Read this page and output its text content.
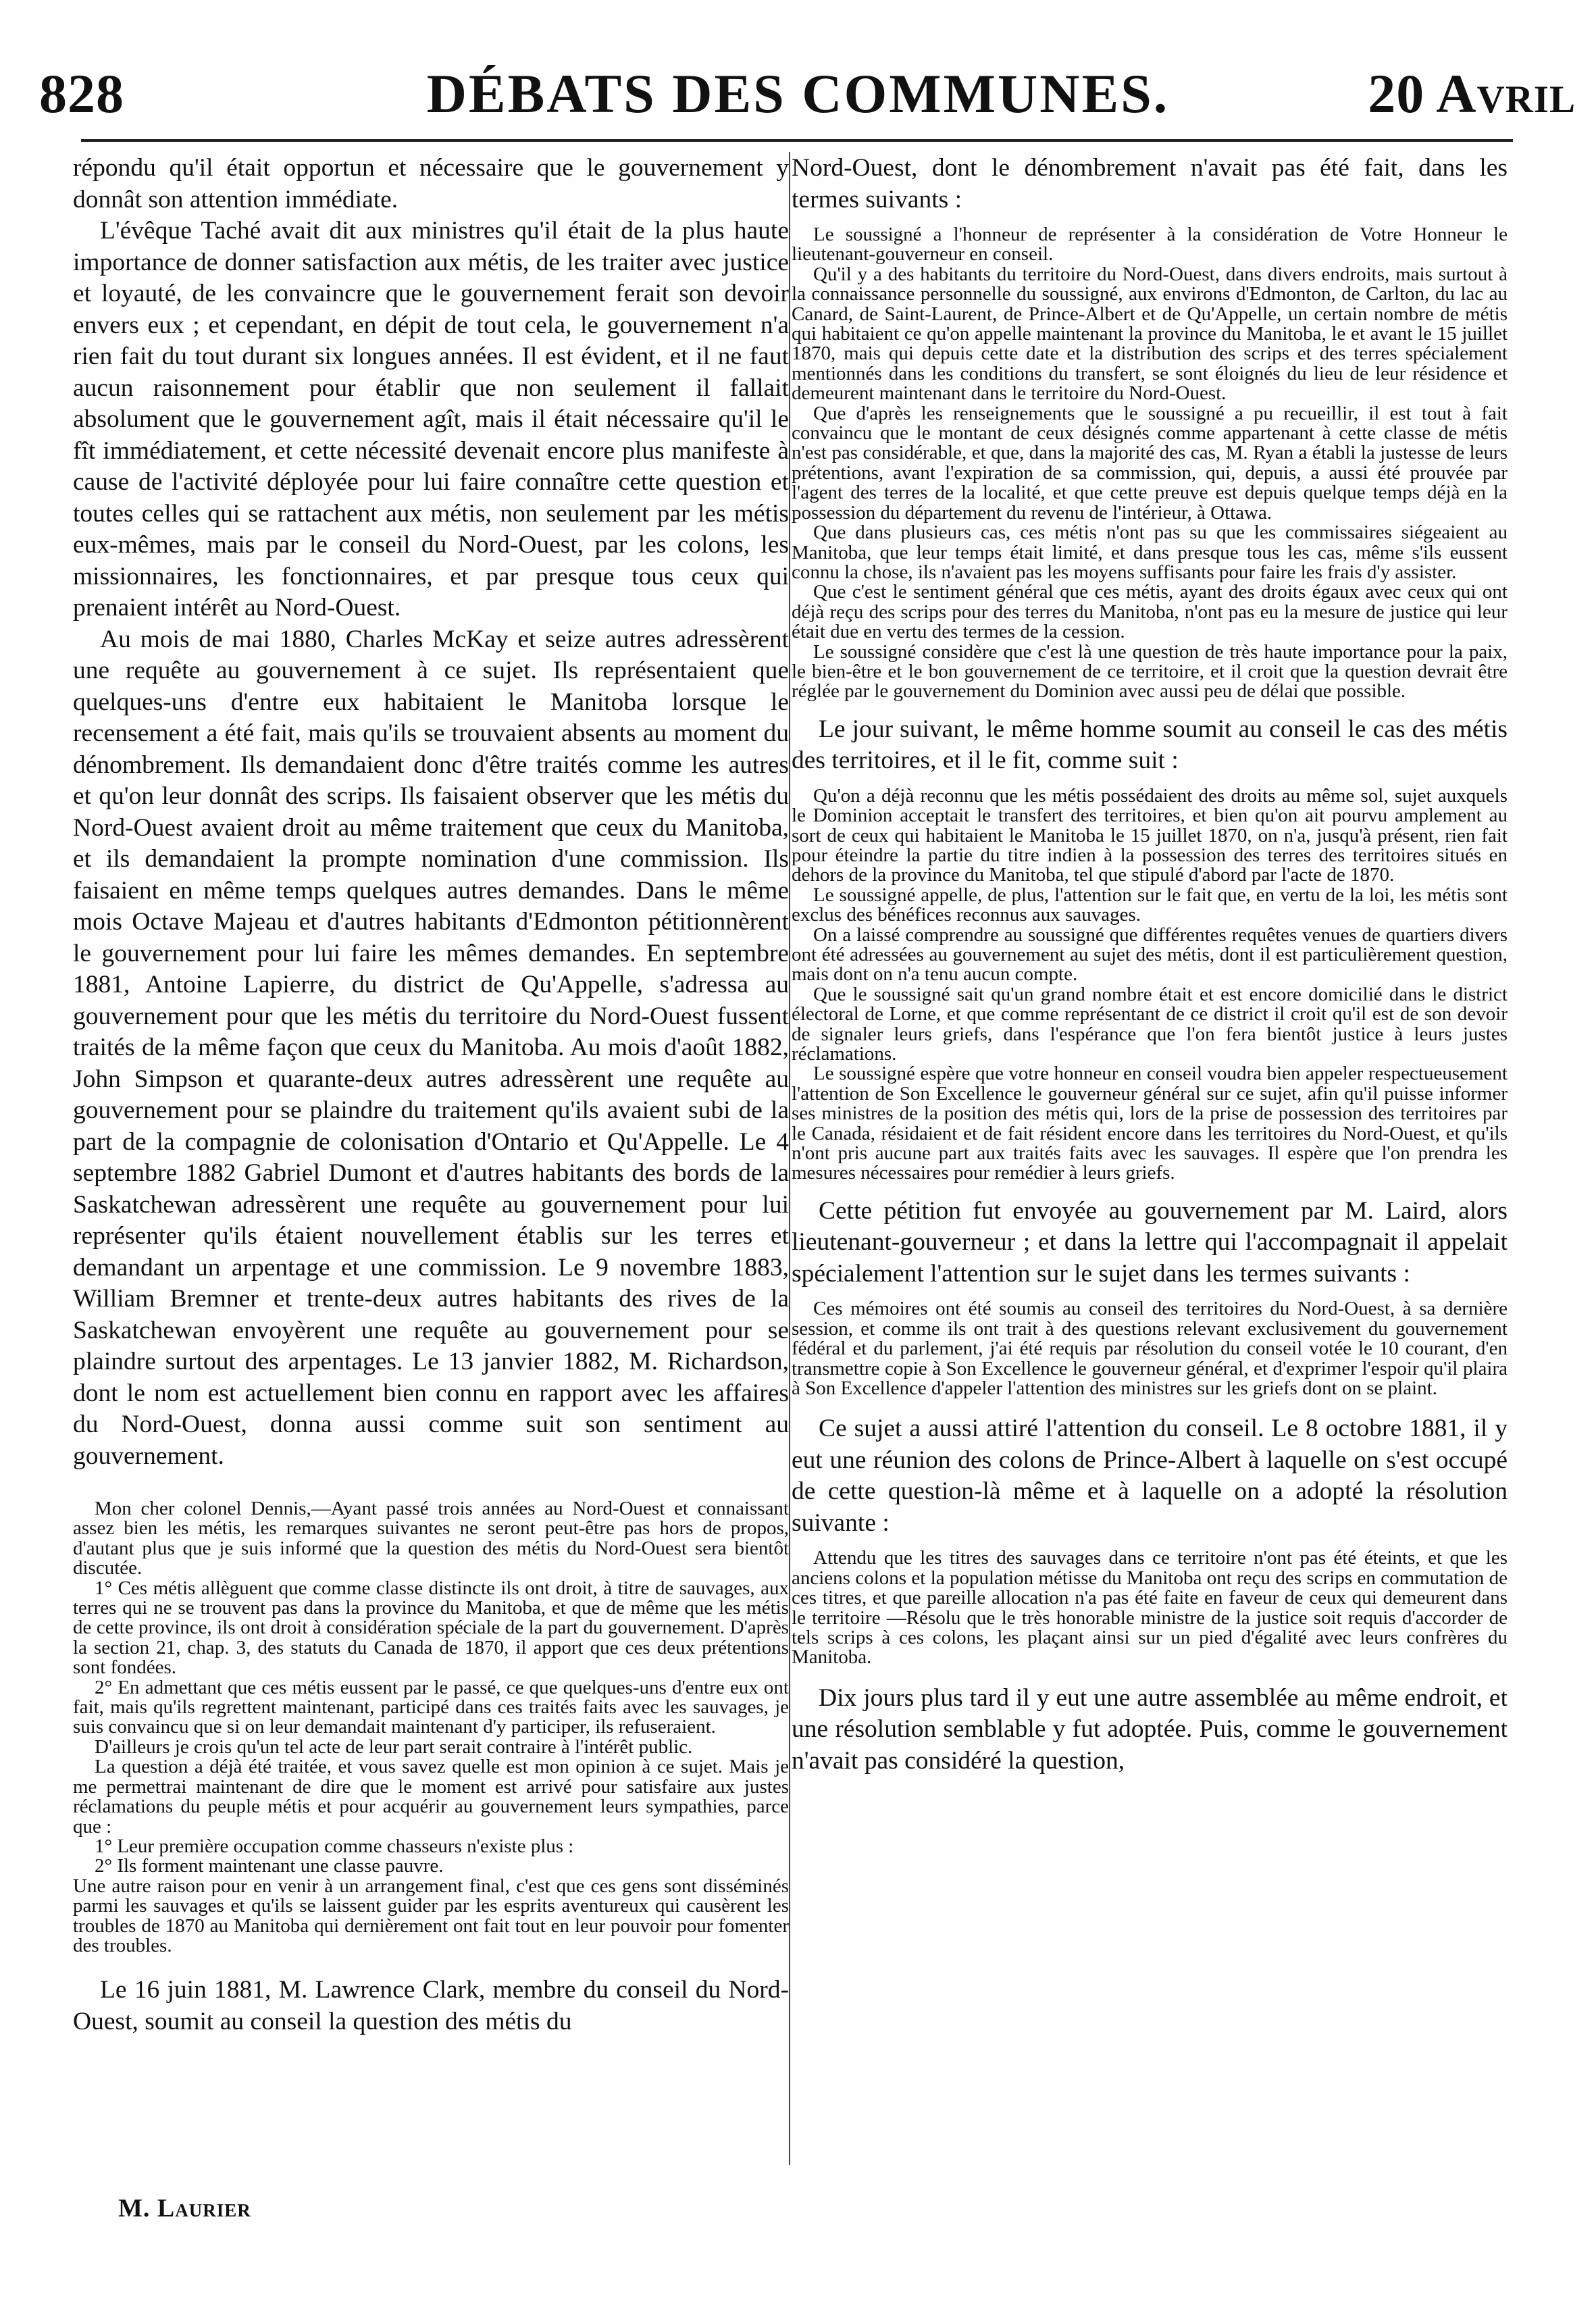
828	DÉBATS DES COMMUNES.	20 Avril

répondu qu'il était opportun et nécessaire que le gouvernement y donnât son attention immédiate.

L'évêque Taché avait dit aux ministres qu'il était de la plus haute importance de donner satisfaction aux métis, de les traiter avec justice et loyauté, de les convaincre que le gouvernement ferait son devoir envers eux ; et cependant, en dépit de tout cela, le gouvernement n'a rien fait du tout durant six longues années. Il est évident, et il ne faut aucun raisonnement pour établir que non seulement il fallait absolument que le gouvernement agît, mais il était nécessaire qu'il le fît immédiatement, et cette nécessité devenait encore plus manifeste à cause de l'activité déployée pour lui faire connaître cette question et toutes celles qui se rattachent aux métis, non seulement par les métis eux-mêmes, mais par le conseil du Nord-Ouest, par les colons, les missionnaires, les fonctionnaires, et par presque tous ceux qui prenaient intérêt au Nord-Ouest.

Au mois de mai 1880, Charles McKay et seize autres adressèrent une requête au gouvernement à ce sujet. Ils représentaient que quelques-uns d'entre eux habitaient le Manitoba lorsque le recensement a été fait, mais qu'ils se trouvaient absents au moment du dénombrement. Ils demandaient donc d'être traités comme les autres et qu'on leur donnât des scrips. Ils faisaient observer que les métis du Nord-Ouest avaient droit au même traitement que ceux du Manitoba, et ils demandaient la prompte nomination d'une commission. Ils faisaient en même temps quelques autres demandes. Dans le même mois Octave Majeau et d'autres habitants d'Edmonton pétitionnèrent le gouvernement pour lui faire les mêmes demandes. En septembre 1881, Antoine Lapierre, du district de Qu'Appelle, s'adressa au gouvernement pour que les métis du territoire du Nord-Ouest fussent traités de la même façon que ceux du Manitoba. Au mois d'août 1882, John Simpson et quarante-deux autres adressèrent une requête au gouvernement pour se plaindre du traitement qu'ils avaient subi de la part de la compagnie de colonisation d'Ontario et Qu'Appelle. Le 4 septembre 1882 Gabriel Dumont et d'autres habitants des bords de la Saskatchewan adressèrent une requête au gouvernement pour lui représenter qu'ils étaient nouvellement établis sur les terres et demandant un arpentage et une commission. Le 9 novembre 1883, William Bremner et trente-deux autres habitants des rives de la Saskatchewan envoyèrent une requête au gouvernement pour se plaindre surtout des arpentages. Le 13 janvier 1882, M. Richardson, dont le nom est actuellement bien connu en rapport avec les affaires du Nord-Ouest, donna aussi comme suit son sentiment au gouvernement.

Mon cher colonel Dennis,—Ayant passé trois années au Nord-Ouest et connaissant assez bien les métis, les remarques suivantes ne seront peut-être pas hors de propos, d'autant plus que je suis informé que la question des métis du Nord-Ouest sera bientôt discutée.

1° Ces métis allèguent que comme classe distincte ils ont droit, à titre de sauvages, aux terres qui ne se trouvent pas dans la province du Manitoba, et que de même que les métis de cette province, ils ont droit à considération spéciale de la part du gouvernement. D'après la section 21, chap. 3, des statuts du Canada de 1870, il apport que ces deux prétentions sont fondées.

2° En admettant que ces métis eussent par le passé, ce que quelques-uns d'entre eux ont fait, mais qu'ils regrettent maintenant, participé dans ces traités faits avec les sauvages, je suis convaincu que si on leur demandait maintenant d'y participer, ils refuseraient.

D'ailleurs je crois qu'un tel acte de leur part serait contraire à l'intérêt public.

La question a déjà été traitée, et vous savez quelle est mon opinion à ce sujet. Mais je me permettrai maintenant de dire que le moment est arrivé pour satisfaire aux justes réclamations du peuple métis et pour acquérir au gouvernement leurs sympathies, parce que :

1° Leur première occupation comme chasseurs n'existe plus :

2° Ils forment maintenant une classe pauvre.

Une autre raison pour en venir à un arrangement final, c'est que ces gens sont disséminés parmi les sauvages et qu'ils se laissent guider par les esprits aventureux qui causèrent les troubles de 1870 au Manitoba qui dernièrement ont fait tout en leur pouvoir pour fomenter des troubles.

Le 16 juin 1881, M. Lawrence Clark, membre du conseil du Nord-Ouest, soumit au conseil la question des métis du

Nord-Ouest, dont le dénombrement n'avait pas été fait, dans les termes suivants :

Le soussigné a l'honneur de représenter à la considération de Votre Honneur le lieutenant-gouverneur en conseil.

Qu'il y a des habitants du territoire du Nord-Ouest, dans divers endroits, mais surtout à la connaissance personnelle du soussigné, aux environs d'Edmonton, de Carlton, du lac au Canard, de Saint-Laurent, de Prince-Albert et de Qu'Appelle, un certain nombre de métis qui habitaient ce qu'on appelle maintenant la province du Manitoba, le et avant le 15 juillet 1870, mais qui depuis cette date et la distribution des scrips et des terres spécialement mentionnés dans les conditions du transfert, se sont éloignés du lieu de leur résidence et demeurent maintenant dans le territoire du Nord-Ouest.

Que d'après les renseignements que le soussigné a pu recueillir, il est tout à fait convaincu que le montant de ceux désignés comme appartenant à cette classe de métis n'est pas considérable, et que, dans la majorité des cas, M. Ryan a établi la justesse de leurs prétentions, avant l'expiration de sa commission, qui, depuis, a aussi été prouvée par l'agent des terres de la localité, et que cette preuve est depuis quelque temps déjà en la possession du département du revenu de l'intérieur, à Ottawa.

Que dans plusieurs cas, ces métis n'ont pas su que les commissaires siégeaient au Manitoba, que leur temps était limité, et dans presque tous les cas, même s'ils eussent connu la chose, ils n'avaient pas les moyens suffisants pour faire les frais d'y assister.

Que c'est le sentiment général que ces métis, ayant des droits égaux avec ceux qui ont déjà reçu des scrips pour des terres du Manitoba, n'ont pas eu la mesure de justice qui leur était due en vertu des termes de la cession.

Le soussigné considère que c'est là une question de très haute importance pour la paix, le bien-être et le bon gouvernement de ce territoire, et il croit que la question devrait être réglée par le gouvernement du Dominion avec aussi peu de délai que possible.

Le jour suivant, le même homme soumit au conseil le cas des métis des territoires, et il le fit, comme suit :

Qu'on a déjà reconnu que les métis possédaient des droits au même sol, sujet auxquels le Dominion acceptait le transfert des territoires, et bien qu'on ait pourvu amplement au sort de ceux qui habitaient le Manitoba le 15 juillet 1870, on n'a, jusqu'à présent, rien fait pour éteindre la partie du titre indien à la possession des terres des territoires situés en dehors de la province du Manitoba, tel que stipulé d'abord par l'acte de 1870.

Le soussigné appelle, de plus, l'attention sur le fait que, en vertu de la loi, les métis sont exclus des bénéfices reconnus aux sauvages.

On a laissé comprendre au soussigné que différentes requêtes venues de quartiers divers ont été adressées au gouvernement au sujet des métis, dont il est particulièrement question, mais dont on n'a tenu aucun compte.

Que le soussigné sait qu'un grand nombre était et est encore domicilié dans le district électoral de Lorne, et que comme représentant de ce district il croit qu'il est de son devoir de signaler leurs griefs, dans l'espérance que l'on fera bientôt justice à leurs justes réclamations.

Le soussigné espère que votre honneur en conseil voudra bien appeler respectueusement l'attention de Son Excellence le gouverneur général sur ce sujet, afin qu'il puisse informer ses ministres de la position des métis qui, lors de la prise de possession des territoires par le Canada, résidaient et de fait résident encore dans les territoires du Nord-Ouest, et qu'ils n'ont pris aucune part aux traités faits avec les sauvages. Il espère que l'on prendra les mesures nécessaires pour remédier à leurs griefs.

Cette pétition fut envoyée au gouvernement par M. Laird, alors lieutenant-gouverneur ; et dans la lettre qui l'accompagnait il appelait spécialement l'attention sur le sujet dans les termes suivants :

Ces mémoires ont été soumis au conseil des territoires du Nord-Ouest, à sa dernière session, et comme ils ont trait à des questions relevant exclusivement du gouvernement fédéral et du parlement, j'ai été requis par résolution du conseil votée le 10 courant, d'en transmettre copie à Son Excellence le gouverneur général, et d'exprimer l'espoir qu'il plaira à Son Excellence d'appeler l'attention des ministres sur les griefs dont on se plaint.

Ce sujet a aussi attiré l'attention du conseil. Le 8 octobre 1881, il y eut une réunion des colons de Prince-Albert à laquelle on s'est occupé de cette question-là même et à laquelle on a adopté la résolution suivante :

Attendu que les titres des sauvages dans ce territoire n'ont pas été éteints, et que les anciens colons et la population métisse du Manitoba ont reçu des scrips en commutation de ces titres, et que pareille allocation n'a pas été faite en faveur de ceux qui demeurent dans le territoire —Résolu que le très honorable ministre de la justice soit requis d'accorder de tels scrips à ces colons, les plaçant ainsi sur un pied d'égalité avec leurs confrères du Manitoba.

Dix jours plus tard il y eut une autre assemblée au même endroit, et une résolution semblable y fut adoptée. Puis, comme le gouvernement n'avait pas considéré la question,

M. Laurier
